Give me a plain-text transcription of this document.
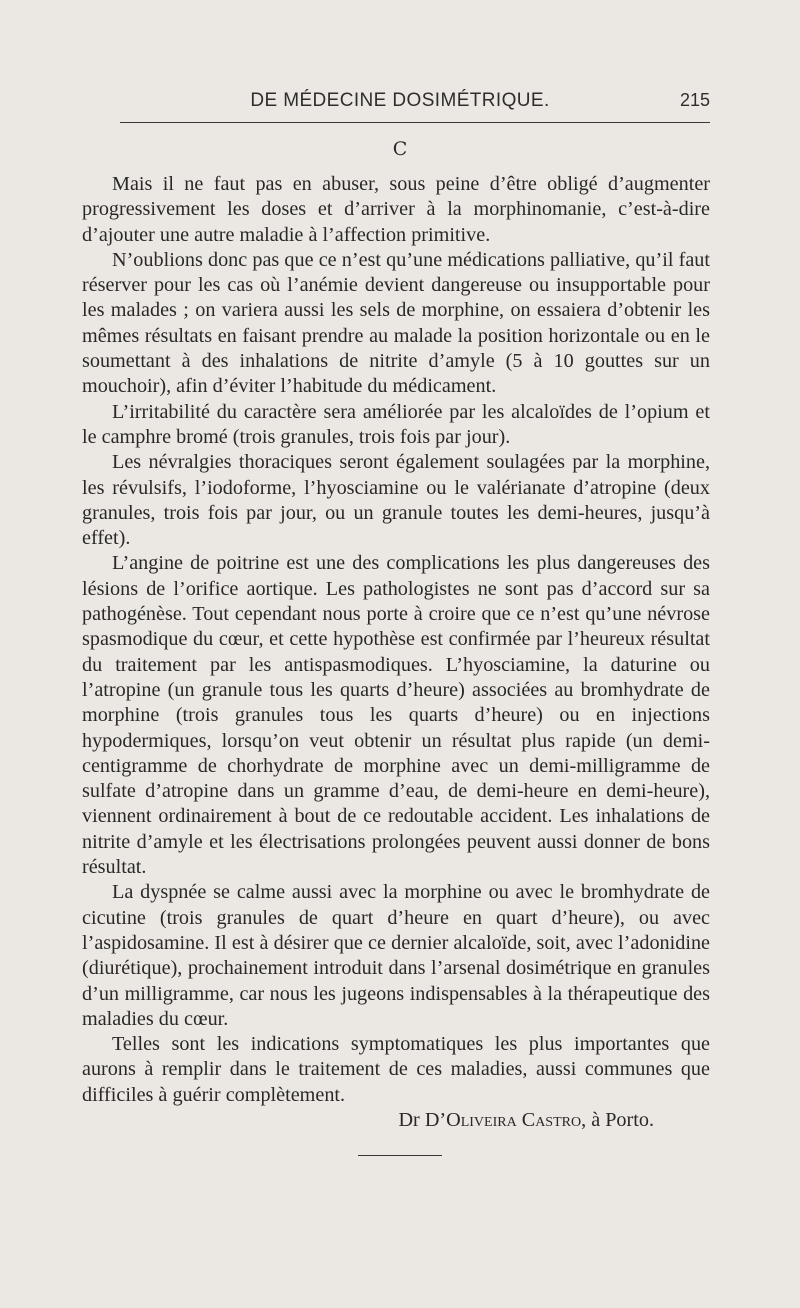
DE MÉDECINE DOSIMÉTRIQUE.	215
C

Mais il ne faut pas en abuser, sous peine d’être obligé d’augmenter progressivement les doses et d’arriver à la morphinomanie, c’est-à-dire d’ajouter une autre maladie à l’affection primitive.

N’oublions donc pas que ce n’est qu’une médications palliative, qu’il faut réserver pour les cas où l’anémie devient dangereuse ou insupportable pour les malades ; on variera aussi les sels de morphine, on essaiera d’obtenir les mêmes résultats en faisant prendre au malade la position horizontale ou en le soumettant à des inhalations de nitrite d’amyle (5 à 10 gouttes sur un mouchoir), afin d’éviter l’habitude du médicament.

L’irritabilité du caractère sera améliorée par les alcaloïdes de l’opium et le camphre bromé (trois granules, trois fois par jour).

Les névralgies thoraciques seront également soulagées par la morphine, les révulsifs, l’iodoforme, l’hyosciamine ou le valérianate d’atropine (deux granules, trois fois par jour, ou un granule toutes les demi-heures, jusqu’à effet).

L’angine de poitrine est une des complications les plus dangereuses des lésions de l’orifice aortique. Les pathologistes ne sont pas d’accord sur sa pathogénèse. Tout cependant nous porte à croire que ce n’est qu’une névrose spasmodique du cœur, et cette hypothèse est confirmée par l’heureux résultat du traitement par les antispasmodiques. L’hyosciamine, la daturine ou l’atropine (un granule tous les quarts d’heure) associées au bromhydrate de morphine (trois granules tous les quarts d’heure) ou en injections hypodermiques, lorsqu’on veut obtenir un résultat plus rapide (un demi-centigramme de chorhydrate de morphine avec un demi-milligramme de sulfate d’atropine dans un gramme d’eau, de demi-heure en demi-heure), viennent ordinairement à bout de ce redoutable accident. Les inhalations de nitrite d’amyle et les électrisations prolongées peuvent aussi donner de bons résultat.

La dyspnée se calme aussi avec la morphine ou avec le bromhydrate de cicutine (trois granules de quart d’heure en quart d’heure), ou avec l’aspidosamine. Il est à désirer que ce dernier alcaloïde, soit, avec l’adonidine (diurétique), prochainement introduit dans l’arsenal dosimétrique en granules d’un milligramme, car nous les jugeons indispensables à la thérapeutique des maladies du cœur.

Telles sont les indications symptomatiques les plus importantes que aurons à remplir dans le traitement de ces maladies, aussi communes que difficiles à guérir complètement.

Dr D’Oliveira Castro, à Porto.
